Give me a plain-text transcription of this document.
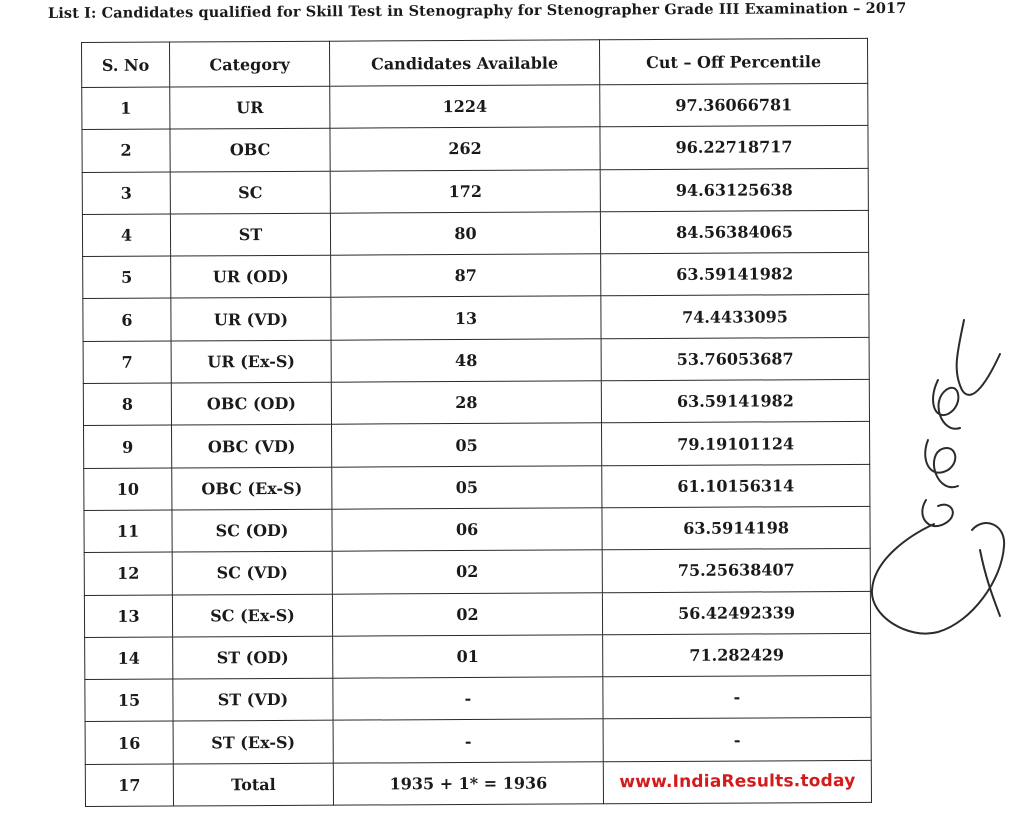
List I: Candidates qualified for Skill Test in Stenography for Stenographer Grade III Examination – 2017
S. No	Category	Candidates Available	Cut – Off Percentile
1	UR	1224	97.36066781
2	OBC	262	96.22718717
3	SC	172	94.63125638
4	ST	80	84.56384065
5	UR (OD)	87	63.59141982
6	UR (VD)	13	74.4433095
7	UR (Ex-S)	48	53.76053687
8	OBC (OD)	28	63.59141982
9	OBC (VD)	05	79.19101124
10	OBC (Ex-S)	05	61.10156314
11	SC (OD)	06	63.5914198
12	SC (VD)	02	75.25638407
13	SC (Ex-S)	02	56.42492339
14	ST (OD)	01	71.282429
15	ST (VD)	-	-
16	ST (Ex-S)	-	-
17	Total	1935 + 1* = 1936	www.IndiaResults.today
